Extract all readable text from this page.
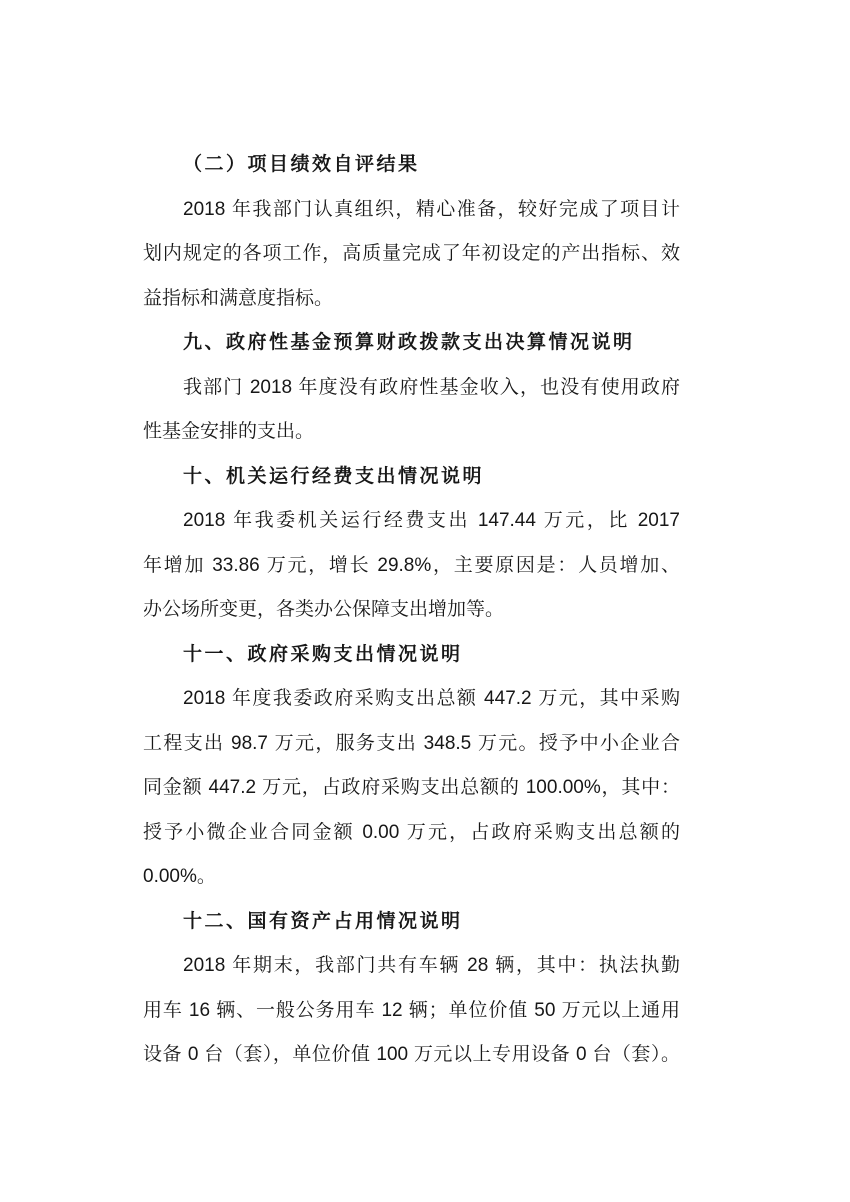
（二）项目绩效自评结果

2018 年我部门认真组织，精心准备，较好完成了项目计

划内规定的各项工作，高质量完成了年初设定的产出指标、效

益指标和满意度指标。

九、政府性基金预算财政拨款支出决算情况说明

我部门 2018 年度没有政府性基金收入，也没有使用政府

性基金安排的支出。

十、机关运行经费支出情况说明

2018 年我委机关运行经费支出 147.44 万元，比 2017

年增加 33.86 万元，增长 29.8%，主要原因是：人员增加、

办公场所变更，各类办公保障支出增加等。

十一、政府采购支出情况说明

2018 年度我委政府采购支出总额 447.2 万元，其中采购

工程支出 98.7 万元，服务支出 348.5 万元。授予中小企业合

同金额 447.2 万元，占政府采购支出总额的 100.00%，其中：

授予小微企业合同金额 0.00 万元，占政府采购支出总额的

0.00%。

十二、国有资产占用情况说明

2018 年期末，我部门共有车辆 28 辆，其中：执法执勤

用车 16 辆、一般公务用车 12 辆；单位价值 50 万元以上通用

设备 0 台（套），单位价值 100 万元以上专用设备 0 台（套）。
